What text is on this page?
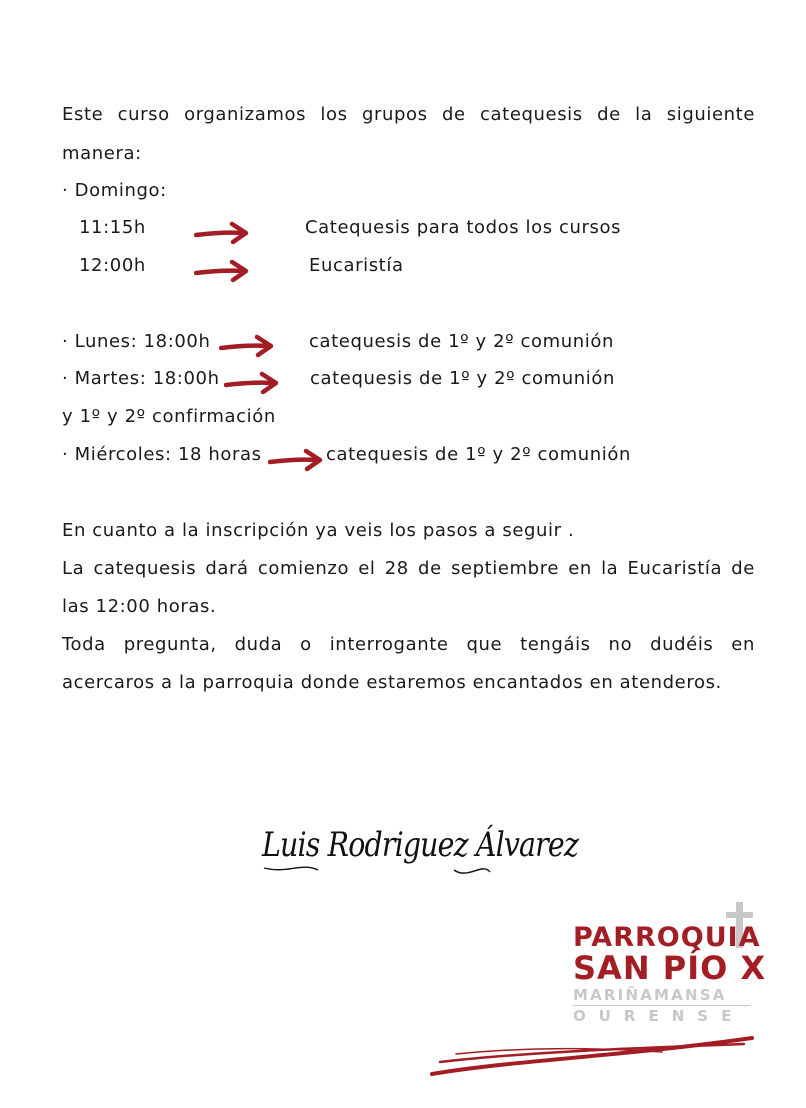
Este curso organizamos los grupos de catequesis de la siguiente
manera:
· Domingo:
11:15h	Catequesis para todos los cursos
12:00h	Eucaristía
· Lunes: 18:00h	catequesis de 1º y 2º comunión
· Martes: 18:00h	catequesis de 1º y 2º comunión
y 1º y 2º confirmación
· Miércoles: 18 horas	catequesis de 1º y 2º comunión
En cuanto a la inscripción ya veis los pasos a seguir .
La catequesis dará comienzo el 28 de septiembre en la Eucaristía de
las 12:00 horas.
Toda pregunta, duda o interrogante que tengáis no dudéis en
acercaros a la parroquia donde estaremos encantados en atenderos.
Luis Rodriguez Álvarez
PARROQUIA
SAN PÍO X
MARIÑAMANSA
OURENSE
